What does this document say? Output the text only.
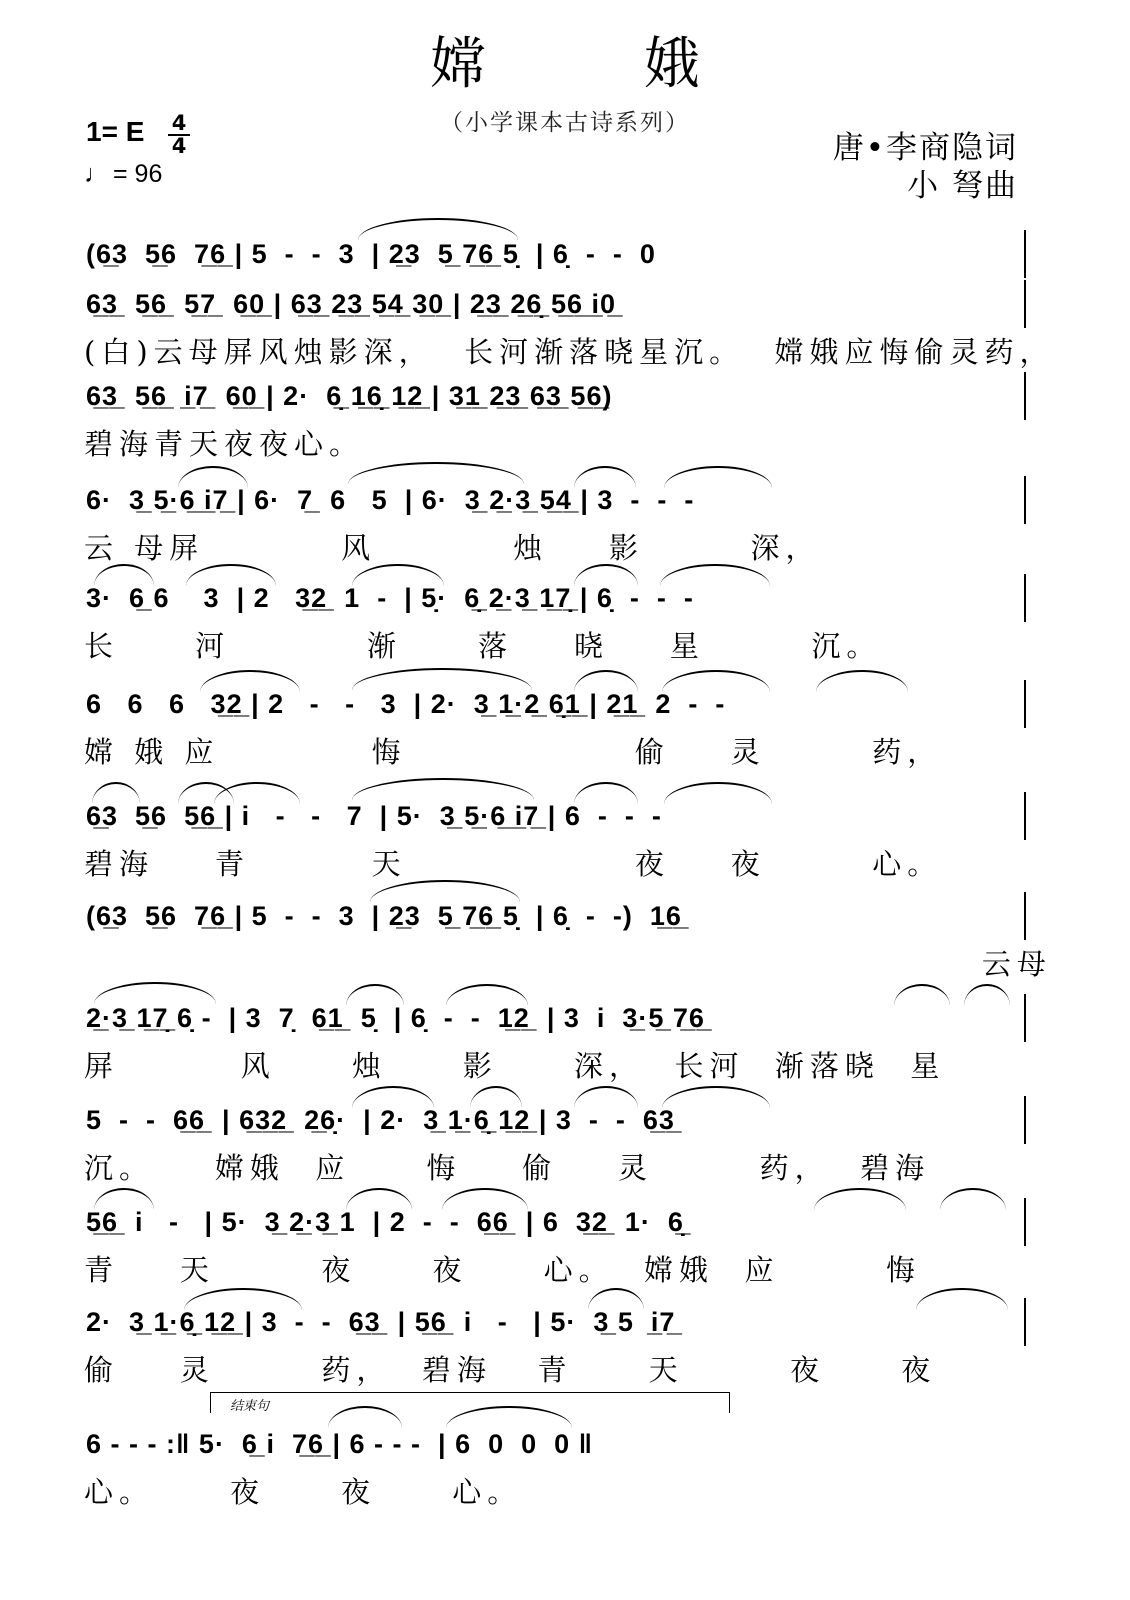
嫦 娥
（小学课本古诗系列）
1= E 4
4
♩ = 96
唐•李商隐词
小 弩曲
(6̲3  5̲6  7̲6̲ | 5  -  -  3  | 2̲3  5̲ 7̲6̲ 5̣  | 6̣  -  -  0
6̲3̲  5̲6̲  5̲7̲  6̲0̲ | 6̲3̲ 2̲3̲ 5̲4̲ 3̲0̲ | 2̲3̲ 2̲6̣̲ 5̲6̲ i̲0̲
(白)云母屏风烛影深，  长河渐落晓星沉。  嫦娥应悔偷灵药，
6̲3̲  5̲6̲  i̲7̲  6̲0̲ | 2·  6̣̲ 1̲6̣̲ 1̲2̲ | 3̲1̲ 2̲3̲ 6̲3̲ 5̲6̲)
碧海青天夜夜心。
6·  3̲ 5̲·6̲ i̲7̲ | 6·  7̲  6   5  | 6·  3̲ 2̲·3̲ 5̲4̲ | 3  -  -  -
云 母屏         风         烛    影       深，
3·  6̲ 6    3  | 2   3̲2̲  1  -  | 5̣·  6̣̲ 2̲·3̲ 1̲7̣̲ | 6̣  -  -  -
长     河         渐     落    晓    星       沉。
6   6   6   3̲2̲ | 2   -   -   3  | 2·  3̲ 1̲·2̲ 6̣̲1̲ | 2̲1̲  2  -  -
嫦 娥 应          悔               偷    灵       药，
6̲3  5̲6  5̲6̲ | i   -   -   7  | 5·  3̲ 5̲·6̲ i̲7̲ | 6  -  -  -
碧海    青        天               夜    夜       心。
(6̲3  5̲6  7̲6̲ | 5  -  -  3  | 2̲3  5̲ 7̲6̲ 5̣  | 6̣  -  -)  1̲6̲
云母
2̲·3̲ 1̲7̣̲ 6̣ -  | 3  7̣  6̲1̲  5̣  | 6̣  -  -  1̲2̲  | 3  i  3̲·5̲ 7̲6̲
屏        风     烛     影     深，  长河  渐落晓  星
5  -  -  6̲6̲  | 6̲3̲2̲  2̲6̣·  | 2·  3̲ 1̲·6̣̲ 1̲2̲ | 3  -  -  6̲3̲
沉。    嫦娥  应     悔    偷    灵       药，  碧海
5̲6̲  i   -   | 5·  3̲ 2̲·3̲ 1  | 2  -  -  6̲6̲  | 6  3̲2̲  1·  6̣̲
青    天       夜     夜     心。  嫦娥  应       悔
2·  3̲ 1̲·6̣̲ 1̲2̲ | 3  -  -  6̲3̲  | 5̲6̲  i   -   | 5·  3̲ 5  i̲7̲
偷    灵       药，  碧海   青     天       夜     夜
结束句
6 - - - :‖ 5·  6̲ i  7̲6̲ | 6 - - -  | 6  0  0  0 ‖
心。     夜     夜     心。
